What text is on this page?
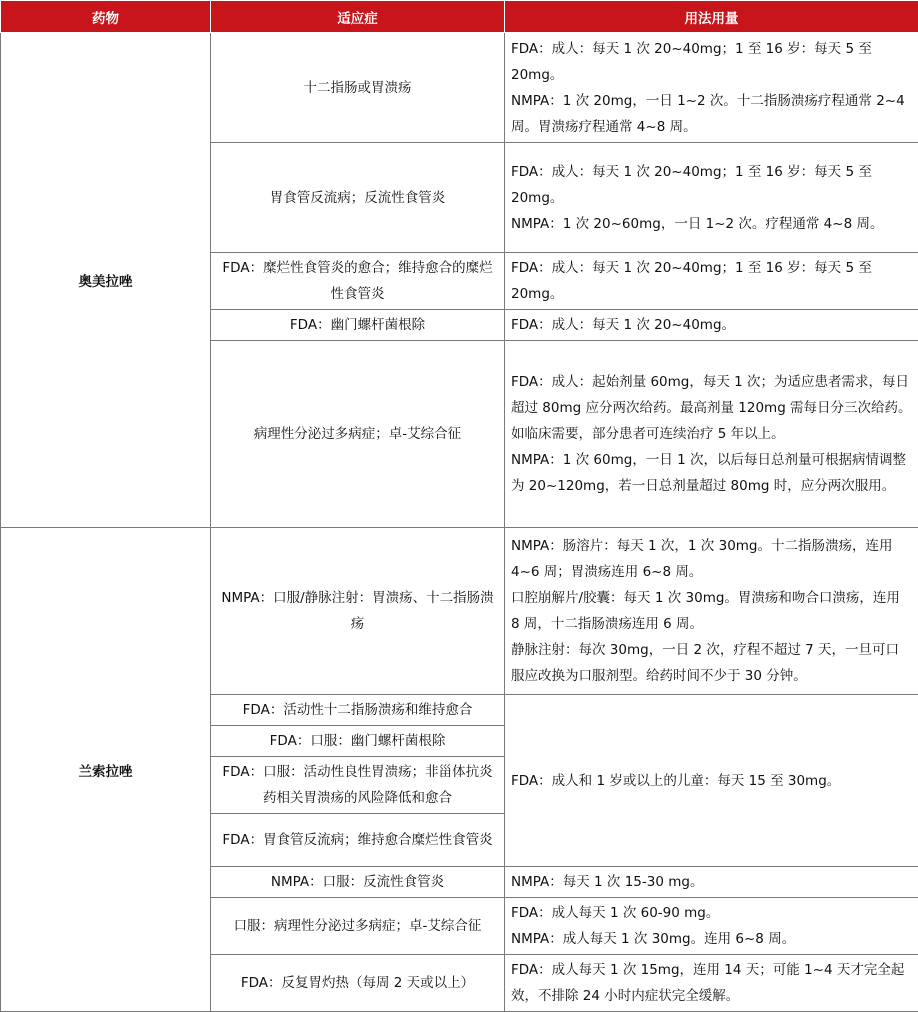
药物	适应症	用法用量
奥美拉唑	十二指肠或胃溃疡	FDA：成人：每天 1 次 20~40mg；1 至 16 岁：每天 5 至 20mg。

NMPA：1 次 20mg，一日 1~2 次。十二指肠溃疡疗程通常 2~4 周。胃溃疡疗程通常 4~8 周。

	胃食管反流病；反流性食管炎	FDA：成人：每天 1 次 20~40mg；1 至 16 岁：每天 5 至 20mg。

NMPA：1 次 20~60mg，一日 1~2 次。疗程通常 4~8 周。

	FDA：糜烂性食管炎的愈合；维持愈合的糜烂性食管炎	FDA：成人：每天 1 次 20~40mg；1 至 16 岁：每天 5 至 20mg。

	FDA：幽门螺杆菌根除	FDA：成人：每天 1 次 20~40mg。

	病理性分泌过多病症；卓-艾综合征	FDA：成人：起始剂量 60mg，每天 1 次；为适应患者需求，每日超过 80mg 应分两次给药。最高剂量 120mg 需每日分三次给药。如临床需要，部分患者可连续治疗 5 年以上。

NMPA：1 次 60mg，一日 1 次，以后每日总剂量可根据病情调整为 20~120mg，若一日总剂量超过 80mg 时，应分两次服用。

兰索拉唑	NMPA：口服/静脉注射：胃溃疡、十二指肠溃疡	NMPA：肠溶片：每天 1 次，1 次 30mg。十二指肠溃疡，连用 4~6 周；胃溃疡连用 6~8 周。

口腔崩解片/胶囊：每天 1 次 30mg。胃溃疡和吻合口溃疡，连用 8 周，十二指肠溃疡连用 6 周。

静脉注射：每次 30mg，一日 2 次，疗程不超过 7 天，一旦可口服应改换为口服剂型。给药时间不少于 30 分钟。

	FDA：活动性十二指肠溃疡和维持愈合	FDA：成人和 1 岁或以上的儿童：每天 15 至 30mg。
	FDA：口服：幽门螺杆菌根除	
	FDA：口服：活动性良性胃溃疡；非甾体抗炎药相关胃溃疡的风险降低和愈合	
	FDA：胃食管反流病；维持愈合糜烂性食管炎	
	NMPA：口服：反流性食管炎	NMPA：每天 1 次 15-30 mg。

	口服：病理性分泌过多病症；卓-艾综合征	FDA：成人每天 1 次 60-90 mg。

NMPA：成人每天 1 次 30mg。连用 6~8 周。

	FDA：反复胃灼热（每周 2 天或以上）	FDA：成人每天 1 次 15mg，连用 14 天；可能 1~4 天才完全起效，不排除 24 小时内症状完全缓解。
